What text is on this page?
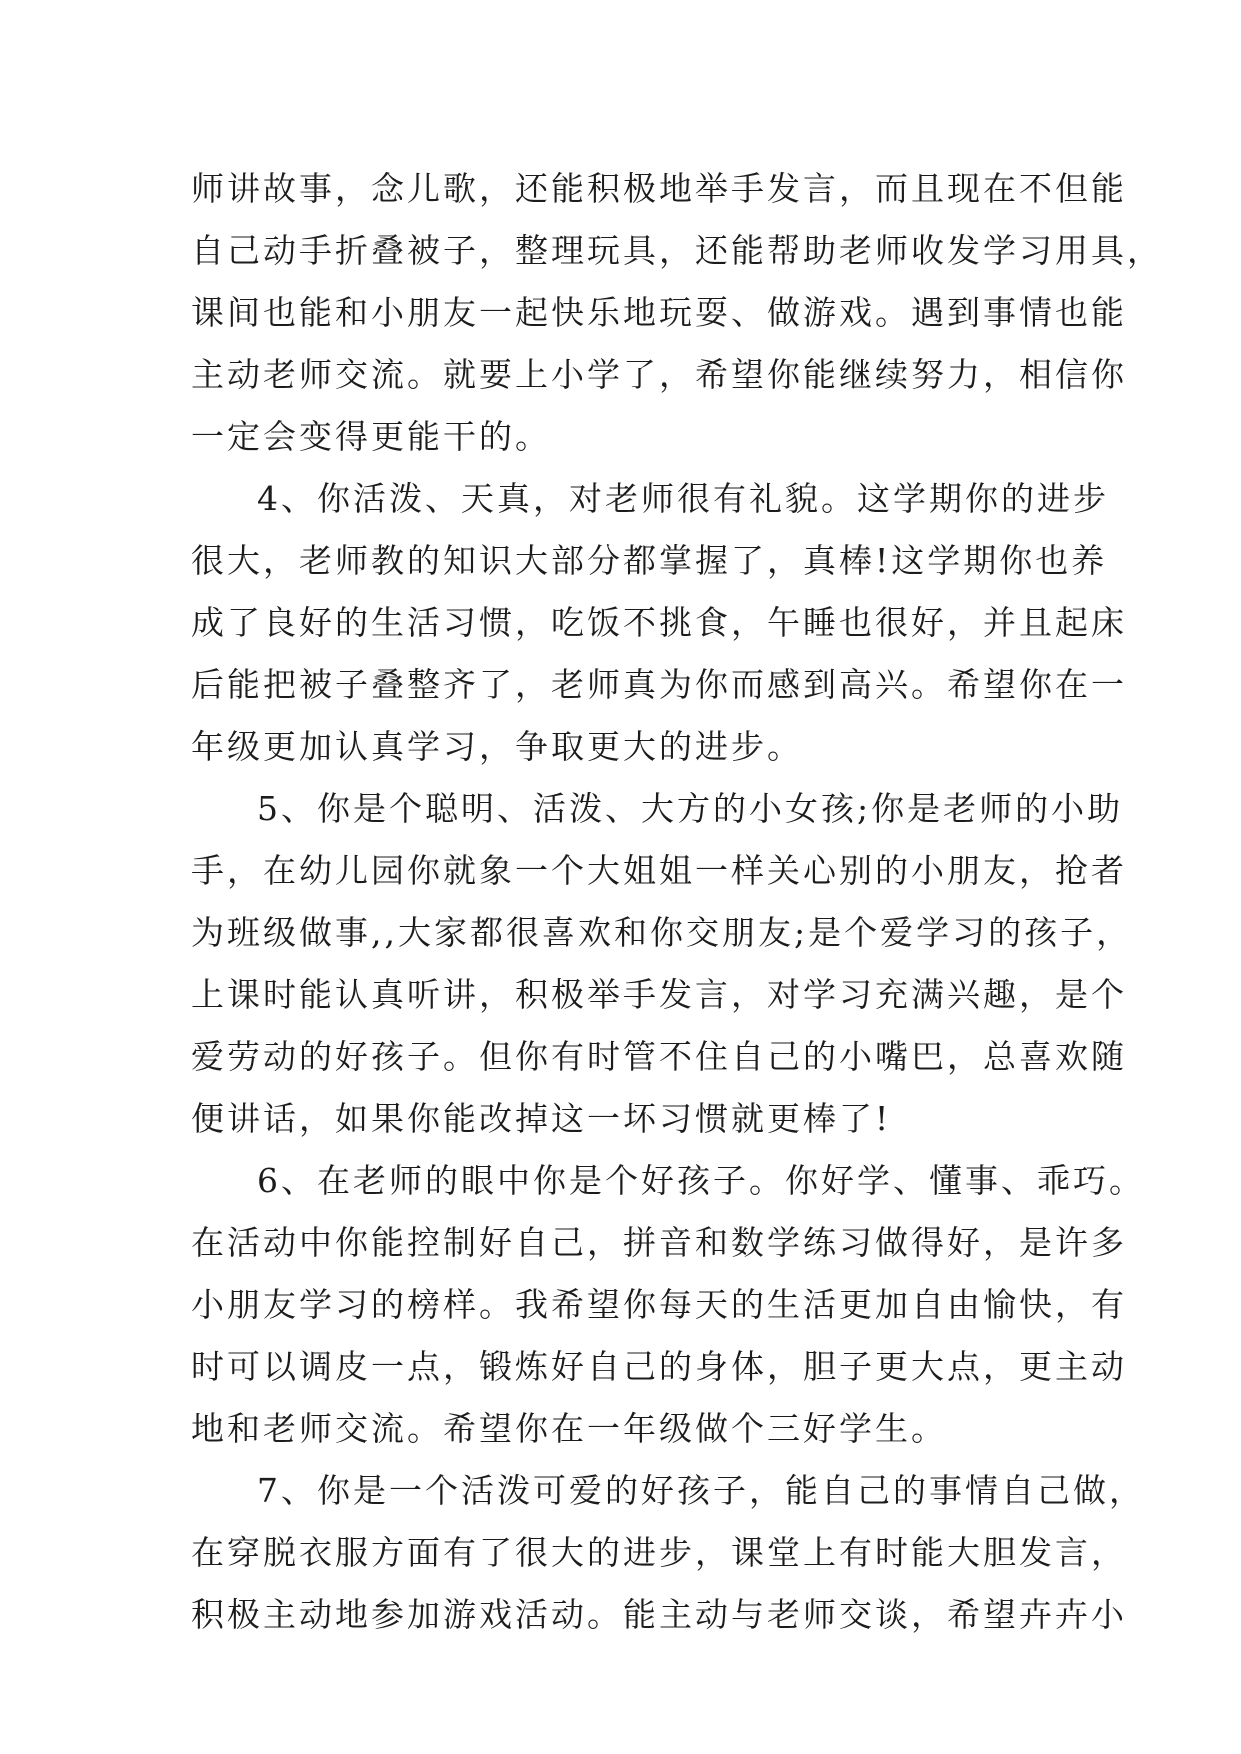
师讲故事，念儿歌，还能积极地举手发言，而且现在不但能
自己动手折叠被子，整理玩具，还能帮助老师收发学习用具，
课间也能和小朋友一起快乐地玩耍、做游戏。遇到事情也能
主动老师交流。就要上小学了，希望你能继续努力，相信你
一定会变得更能干的。
4、你活泼、天真，对老师很有礼貌。这学期你的进步
很大，老师教的知识大部分都掌握了，真棒!这学期你也养
成了良好的生活习惯，吃饭不挑食，午睡也很好，并且起床
后能把被子叠整齐了，老师真为你而感到高兴。希望你在一
年级更加认真学习，争取更大的进步。
5、你是个聪明、活泼、大方的小女孩;你是老师的小助
手，在幼儿园你就象一个大姐姐一样关心别的小朋友，抢者
为班级做事,,大家都很喜欢和你交朋友;是个爱学习的孩子，
上课时能认真听讲，积极举手发言，对学习充满兴趣，是个
爱劳动的好孩子。但你有时管不住自己的小嘴巴，总喜欢随
便讲话，如果你能改掉这一坏习惯就更棒了!
6、在老师的眼中你是个好孩子。你好学、懂事、乖巧。
在活动中你能控制好自己，拼音和数学练习做得好，是许多
小朋友学习的榜样。我希望你每天的生活更加自由愉快，有
时可以调皮一点，锻炼好自己的身体，胆子更大点，更主动
地和老师交流。希望你在一年级做个三好学生。
7、你是一个活泼可爱的好孩子，能自己的事情自己做，
在穿脱衣服方面有了很大的进步，课堂上有时能大胆发言，
积极主动地参加游戏活动。能主动与老师交谈，希望卉卉小
